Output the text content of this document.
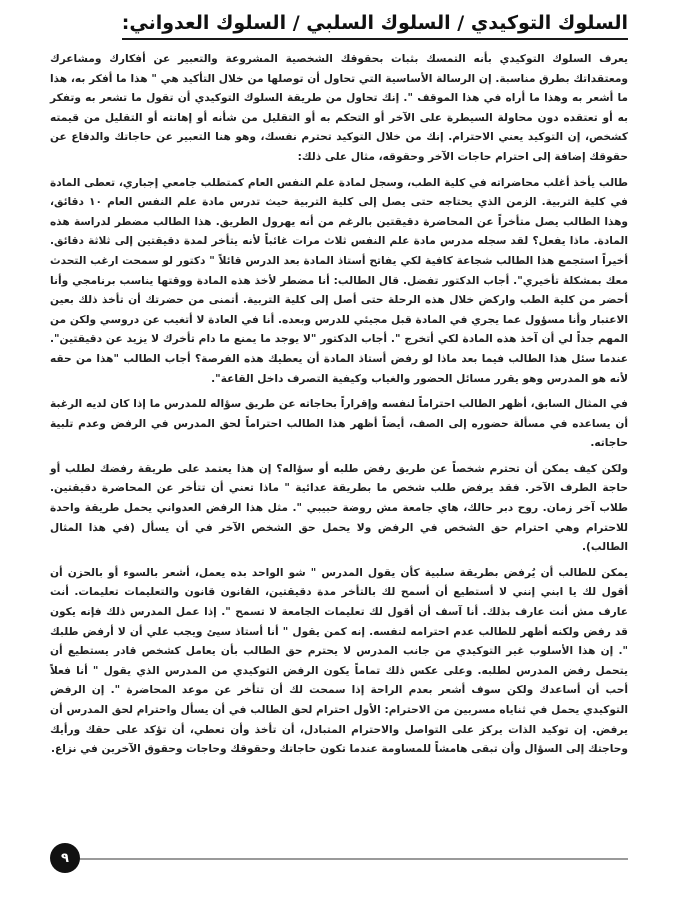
السلوك التوكيدي / السلوك السلبي / السلوك العدواني:

يعرف السلوك التوكيدي بأنه التمسك بثبات بحقوقك الشخصية المشروعة والتعبير عن أفكارك ومشاعرك ومعتقداتك بطرق مناسبة. إن الرسالة الأساسية التي تحاول أن توصلها من خلال التأكيد هي " هذا ما أفكر به، هذا ما أشعر به وهذا ما أراه في هذا الموقف ". إنك تحاول من طريقة السلوك التوكيدي أن تقول ما تشعر به وتفكر به أو تعتقده دون محاولة السيطرة على الآخر أو التحكم به أو التقليل من شأنه أو إهانته أو التقليل من قيمته كشخص، إن التوكيد يعني الاحترام. إنك من خلال التوكيد تحترم نفسك، وهو هنا التعبير عن حاجاتك والدفاع عن حقوقك إضافة إلى احترام حاجات الآخر وحقوقه، مثال على ذلك:

طالب يأخذ أغلب محاضراته في كلية الطب، وسجل لمادة علم النفس العام كمتطلب جامعي إجباري، تعطى المادة في كلية التربية. الزمن الذي يحتاجه حتى يصل إلى كلية التربية حيث تدرس مادة علم النفس العام ١٠ دقائق، وهذا الطالب يصل متأخراً عن المحاضرة دقيقتين بالرغم من أنه يهرول الطريق. هذا الطالب مضطر لدراسة هذه المادة. ماذا يفعل؟ لقد سجله مدرس مادة علم النفس ثلاث مرات غائباً لأنه يتأخر لمدة دقيقتين إلى ثلاثة دقائق. أخيراً استجمع هذا الطالب شجاعة كافية لكي يفاتح أستاذ المادة بعد الدرس قائلاً " دكتور لو سمحت ارغب التحدث معك بمشكلة تأخيري". أجاب الدكتور تفضل. قال الطالب: أنا مضطر لأخذ هذه المادة ووقتها يناسب برنامجي وأنا أحضر من كلية الطب واركض خلال هذه الرحلة حتى أصل إلى كلية التربية. أتمنى من حضرتك أن تأخذ ذلك بعين الاعتبار وأنا مسؤول عما يجري في المادة قبل مجيئي للدرس وبعده. أنا في العادة لا أتغيب عن دروسي ولكن من المهم جداً لي أن آخذ هذه المادة لكي أتخرج ". أجاب الدكتور "لا يوجد ما يمنع ما دام تأخرك لا يزيد عن دقيقتين". عندما سئل هذا الطالب فيما بعد ماذا لو رفض أستاذ المادة أن يعطيك هذه الفرصة؟ أجاب الطالب "هذا من حقه لأنه هو المدرس وهو يقرر مسائل الحضور والغياب وكيفية التصرف داخل القاعة".

في المثال السابق، أظهر الطالب احتراماً لنفسه وإقراراً بحاجاته عن طريق سؤاله للمدرس ما إذا كان لديه الرغبة أن يساعده في مسألة حضوره إلى الصف، أيضاً أظهر هذا الطالب احتراماً لحق المدرس في الرفض وعدم تلبية حاجاته.

ولكن كيف يمكن أن تحترم شخصاً عن طريق رفض طلبه أو سؤاله؟ إن هذا يعتمد على طريقة رفضك لطلب أو حاجة الطرف الآخر. فقد يرفض طلب شخص ما بطريقة عدائية " ماذا تعني أن تتأخر عن المحاضرة دقيقتين. طلاب آخر زمان. روح دبر حالك، هاي جامعة مش روضة حبيبي ". مثل هذا الرفض العدواني يحمل طريقة واحدة للاحترام وهي احترام حق الشخص في الرفض ولا يحمل حق الشخص الآخر في أن يسأل (في هذا المثال الطالب).

يمكن للطالب أن يُرفض بطريقة سلبية كأن يقول المدرس " شو الواحد بده يعمل، أشعر بالسوء أو بالحزن أن أقول لك يا ابني إنني لا أستطيع أن أسمح لك بالتأخر مدة دقيقتين، القانون قانون والتعليمات تعليمات. أنت عارف مش أنت عارف بذلك. أنا آسف أن أقول لك تعليمات الجامعة لا تسمح ". إذا عمل المدرس ذلك فإنه يكون قد رفض ولكنه أظهر للطالب عدم احترامه لنفسه. إنه كمن يقول " أنا أستاذ سيئ ويجب علي أن لا أرفض طلبك ". إن هذا الأسلوب غير التوكيدي من جانب المدرس لا يحترم حق الطالب بأن يعامل كشخص قادر يستطيع أن يتحمل رفض المدرس لطلبه. وعلى عكس ذلك تماماً يكون الرفض التوكيدي من المدرس الذي يقول " أنا فعلاً أحب أن أساعدك ولكن سوف أشعر بعدم الراحة إذا سمحت لك أن تتأخر عن موعد المحاضرة ". إن الرفض التوكيدي يحمل في ثناياه مسربين من الاحترام: الأول احترام لحق الطالب في أن يسأل واحترام لحق المدرس أن يرفض. إن توكيد الذات يركز على التواصل والاحترام المتبادل، أن تأخذ وأن تعطي، أن تؤكد على حقك ورأيك وحاجتك إلى السؤال وأن تبقى هامشاً للمساومة عندما تكون حاجاتك وحقوقك وحاجات وحقوق الآخرين في نزاع.

٩
